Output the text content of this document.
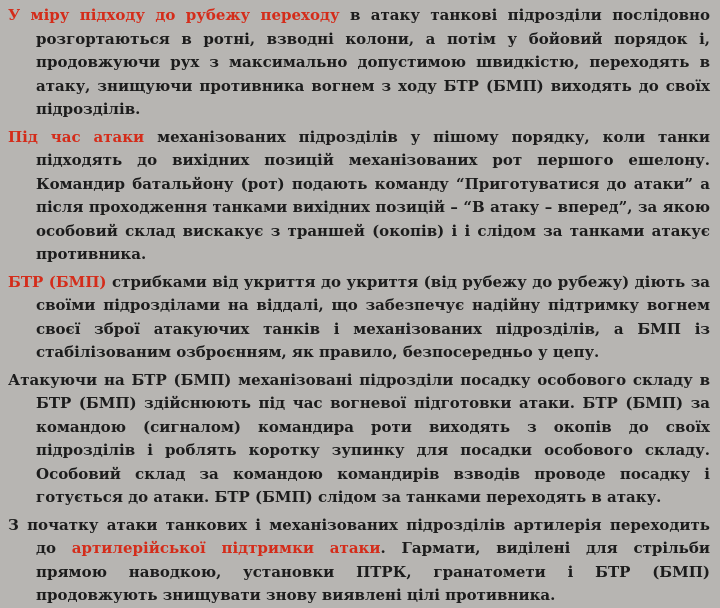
У міру підходу до рубежу переходу в атаку танкові підрозділи послідовно розгортаються в ротні, взводні колони, а потім у бойовий порядок і, продовжуючи рух з максимально допустимою швидкістю, переходять в атаку, знищуючи противника вогнем з ходу БТР (БМП) виходять до своїх підрозділів.

Під час атаки механізованих підрозділів у пішому порядку, коли танки підходять до вихідних позицій механізованих рот першого ешелону. Командир батальйону (рот) подають команду “Приготуватися до атаки” а після проходження танками вихідних позицій – “В атаку – вперед”, за якою особовий склад вискакує з траншей (окопів) і і слідом за танками атакує противника.

БТР (БМП) стрибками від укриття до укриття (від рубежу до рубежу) діють за своїми підрозділами на віддалі, що забезпечує надійну підтримку вогнем своєї зброї атакуючих танків і механізованих підрозділів, а БМП із стабілізованим озброєнням, як правило, безпосередньо у цепу.

Атакуючи на БТР (БМП) механізовані підрозділи посадку особового складу в БТР (БМП) здійснюють під час вогневої підготовки атаки. БТР (БМП) за командою (сигналом) командира роти виходять з окопів до своїх підрозділів і роблять коротку зупинку для посадки особового складу. Особовий склад за командою командирів взводів проводе посадку і готується до атаки. БТР (БМП) слідом за танками переходять в атаку.

З початку атаки танкових і механізованих підрозділів артилерія переходить до артилерійської підтримки атаки. Гармати, виділені для стрільби прямою наводкою, установки ПТРК, гранатомети і БТР (БМП) продовжують знищувати знову виявлені цілі противника.
